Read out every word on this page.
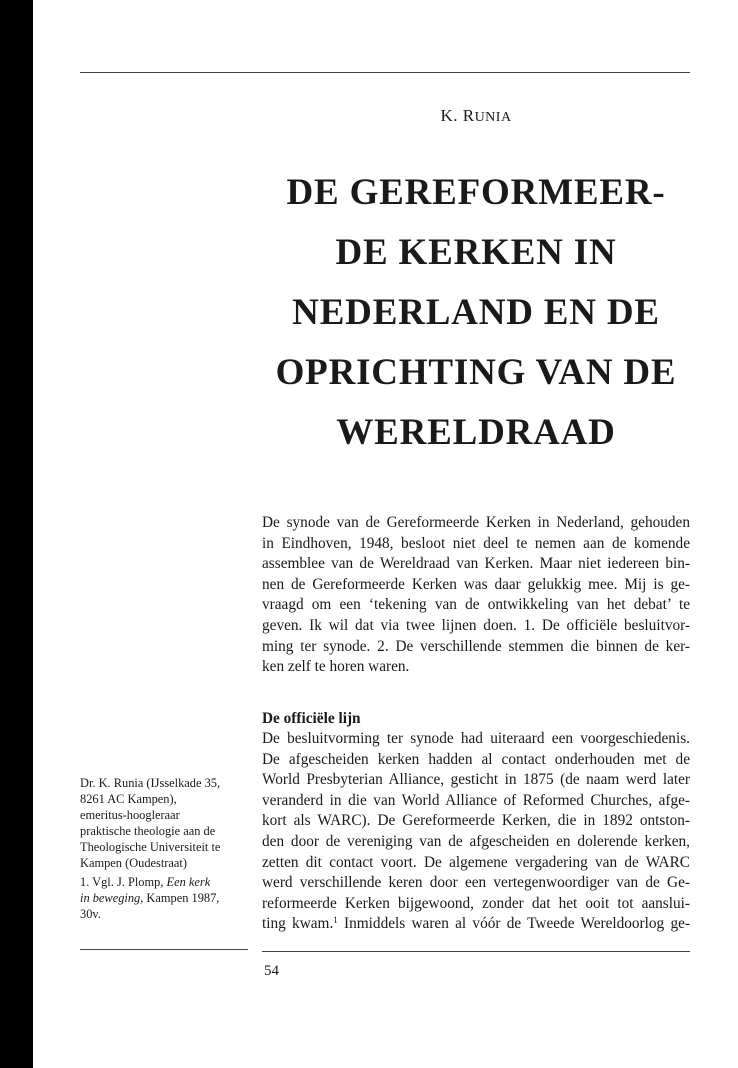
K. RUNIA
DE GEREFORMEER-
DE KERKEN IN
NEDERLAND EN DE
OPRICHTING VAN DE
WERELDRAAD
De synode van de Gereformeerde Kerken in Nederland, gehouden
in Eindhoven, 1948, besloot niet deel te nemen aan de komende
assemblee van de Wereldraad van Kerken. Maar niet iedereen bin-
nen de Gereformeerde Kerken was daar gelukkig mee. Mij is ge-
vraagd om een ‘tekening van de ontwikkeling van het debat’ te
geven. Ik wil dat via twee lijnen doen. 1. De officiële besluitvor-
ming ter synode. 2. De verschillende stemmen die binnen de ker-
ken zelf te horen waren.
De officiële lijn
De besluitvorming ter synode had uiteraard een voorgeschiedenis.
De afgescheiden kerken hadden al contact onderhouden met de
World Presbyterian Alliance, gesticht in 1875 (de naam werd later
veranderd in die van World Alliance of Reformed Churches, afge-
kort als WARC). De Gereformeerde Kerken, die in 1892 ontston-
den door de vereniging van de afgescheiden en dolerende kerken,
zetten dit contact voort. De algemene vergadering van de WARC
werd verschillende keren door een vertegenwoordiger van de Ge-
reformeerde Kerken bijgewoond, zonder dat het ooit tot aanslui-
ting kwam.$^1$ Inmiddels waren al vóór de Tweede Wereldoorlog ge-
Dr. K. Runia (IJsselkade 35,
8261 AC Kampen),
emeritus-hoogleraar
praktische theologie aan de
Theologische Universiteit te
Kampen (Oudestraat)
1. Vgl. J. Plomp, Een kerk
in beweging, Kampen 1987,
30v.
54
